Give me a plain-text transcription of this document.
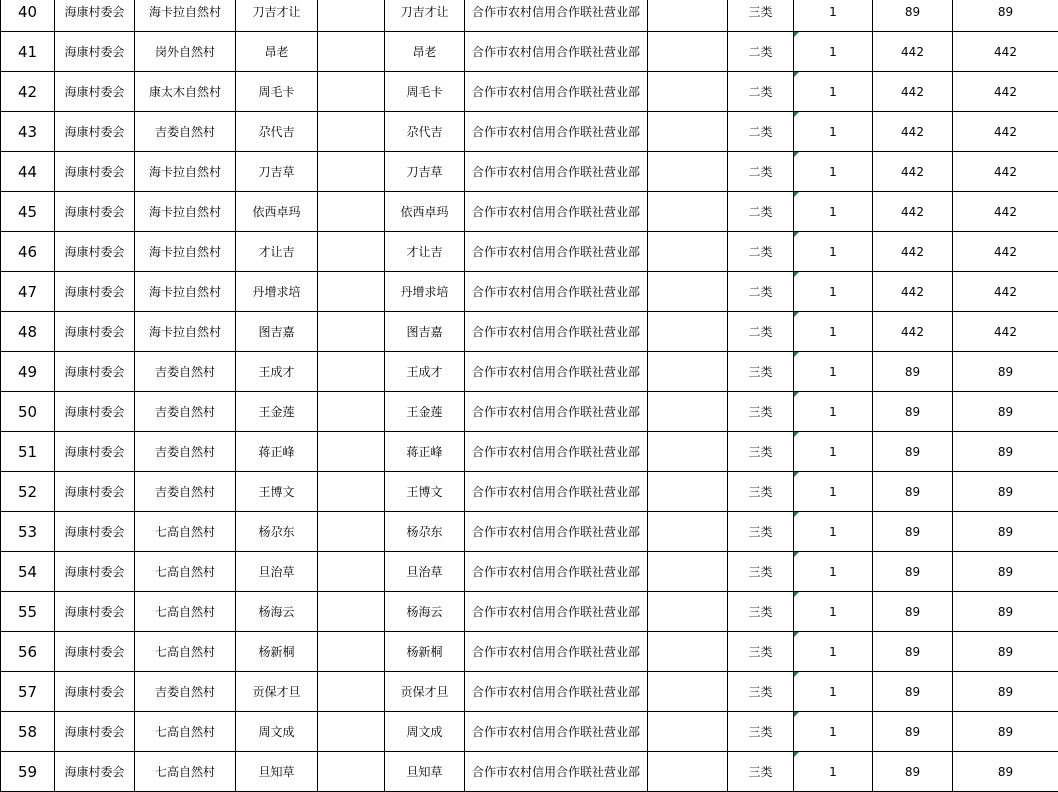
40	海康村委会	海卡拉自然村	刀吉才让		刀吉才让	合作市农村信用合作联社营业部		三类	1	89	89
41	海康村委会	岗外自然村	昂老		昂老	合作市农村信用合作联社营业部		二类	1	442	442
42	海康村委会	康太木自然村	周毛卡		周毛卡	合作市农村信用合作联社营业部		二类	1	442	442
43	海康村委会	吉娄自然村	尕代吉		尕代吉	合作市农村信用合作联社营业部		二类	1	442	442
44	海康村委会	海卡拉自然村	刀吉草		刀吉草	合作市农村信用合作联社营业部		二类	1	442	442
45	海康村委会	海卡拉自然村	依西卓玛		依西卓玛	合作市农村信用合作联社营业部		二类	1	442	442
46	海康村委会	海卡拉自然村	才让吉		才让吉	合作市农村信用合作联社营业部		二类	1	442	442
47	海康村委会	海卡拉自然村	丹增求培		丹增求培	合作市农村信用合作联社营业部		二类	1	442	442
48	海康村委会	海卡拉自然村	图吉嘉		图吉嘉	合作市农村信用合作联社营业部		二类	1	442	442
49	海康村委会	吉娄自然村	王成才		王成才	合作市农村信用合作联社营业部		三类	1	89	89
50	海康村委会	吉娄自然村	王金莲		王金莲	合作市农村信用合作联社营业部		三类	1	89	89
51	海康村委会	吉娄自然村	蒋正峰		蒋正峰	合作市农村信用合作联社营业部		三类	1	89	89
52	海康村委会	吉娄自然村	王博文		王博文	合作市农村信用合作联社营业部		三类	1	89	89
53	海康村委会	七高自然村	杨尕东		杨尕东	合作市农村信用合作联社营业部		三类	1	89	89
54	海康村委会	七高自然村	旦治草		旦治草	合作市农村信用合作联社营业部		三类	1	89	89
55	海康村委会	七高自然村	杨海云		杨海云	合作市农村信用合作联社营业部		三类	1	89	89
56	海康村委会	七高自然村	杨新桐		杨新桐	合作市农村信用合作联社营业部		三类	1	89	89
57	海康村委会	吉娄自然村	贡保才旦		贡保才旦	合作市农村信用合作联社营业部		三类	1	89	89
58	海康村委会	七高自然村	周文成		周文成	合作市农村信用合作联社营业部		三类	1	89	89
59	海康村委会	七高自然村	旦知草		旦知草	合作市农村信用合作联社营业部		三类	1	89	89
